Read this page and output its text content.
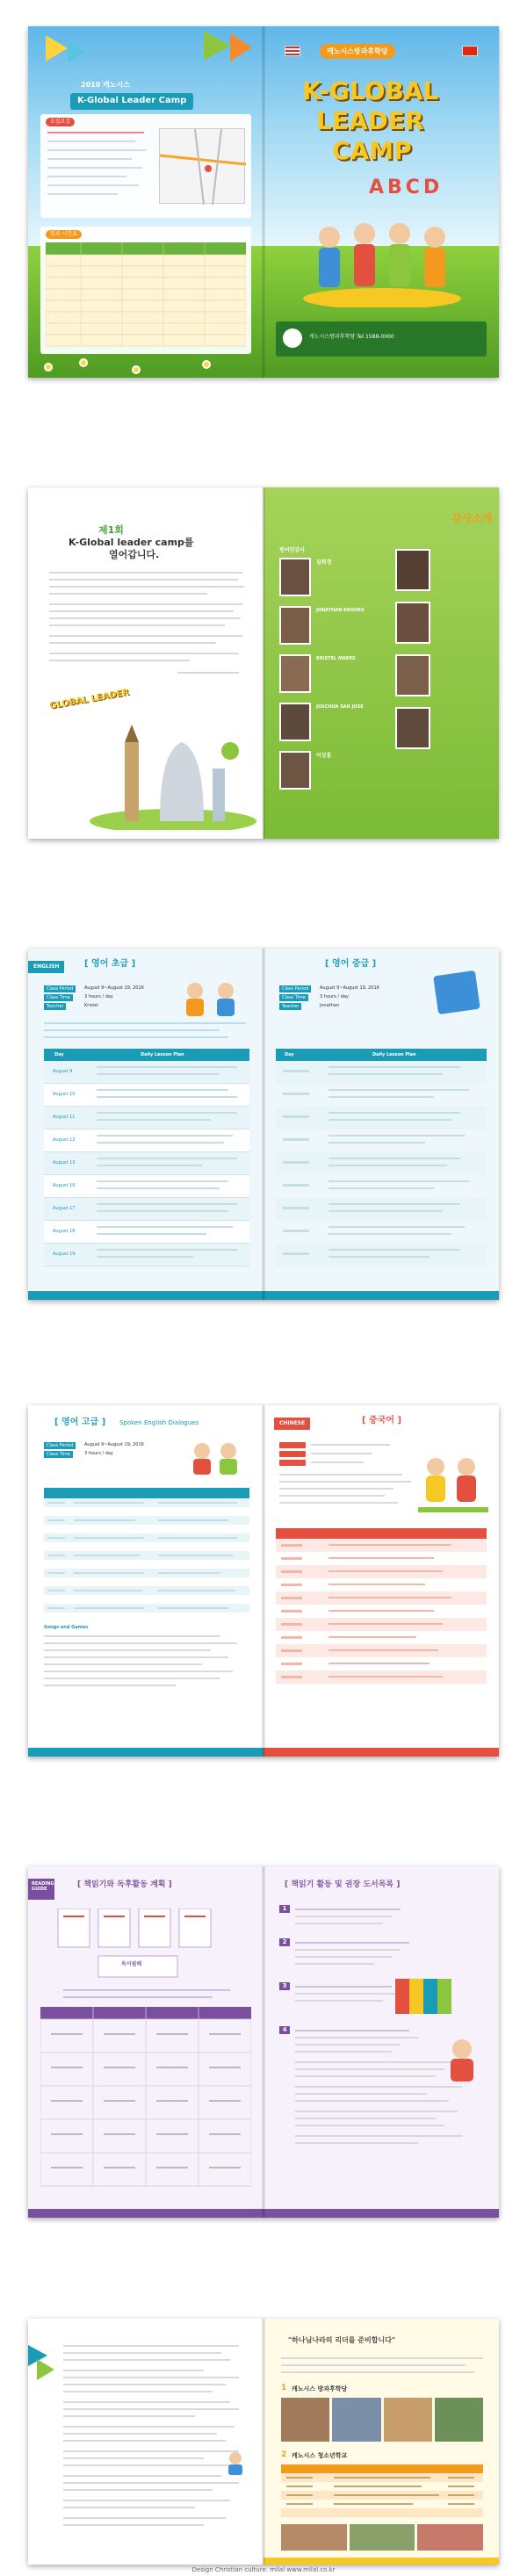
2010 캐노시스
K-Global Leader Camp
모집요강
일과 시간표
캐노시스방과후학당
K-GLOBAL
LEADER
CAMP
ABCD
캐노시스방과후학당 Tel 1588-0000
제1회
K-Global leader camp를
열어갑니다.
GLOBAL LEADER
강사소개
원어민강사
김희경
JONATHAN BROOKS
KRISTEL MAERS
JOSCHUA SAN JOSE
이상훈
ENGLISH	[ 영어 초급 ]
Class Period	August 9~August 19, 2016
Class Time	3 hours / day
Teacher	Kristel
Day	Daily Lesson Plan
August 9
August 10
August 11
August 12
August 13
August 16
August 17
August 18
August 19
[ 영어 중급 ]
Class Period	August 9~August 19, 2016
Class Time	3 hours / day
Teacher	Jonathan
Day	Daily Lesson Plan
[ 영어 고급 ] Spoken English Dialogues
Class Period	August 9~August 19, 2016
Class Time	3 hours / day
Songs and Games
CHINESE	[ 중국어 ]
READING GUIDE
[ 책읽기와 독후활동 계획 ]
독서필해
[ 책읽기 활동 및 권장 도서목록 ]
1
2
3
4
"하나님나라의 리더를 준비합니다"
1 캐노시스 방과후학당
2 캐노시스 청소년학교
Design Christian culture. milal www.milal.co.kr
